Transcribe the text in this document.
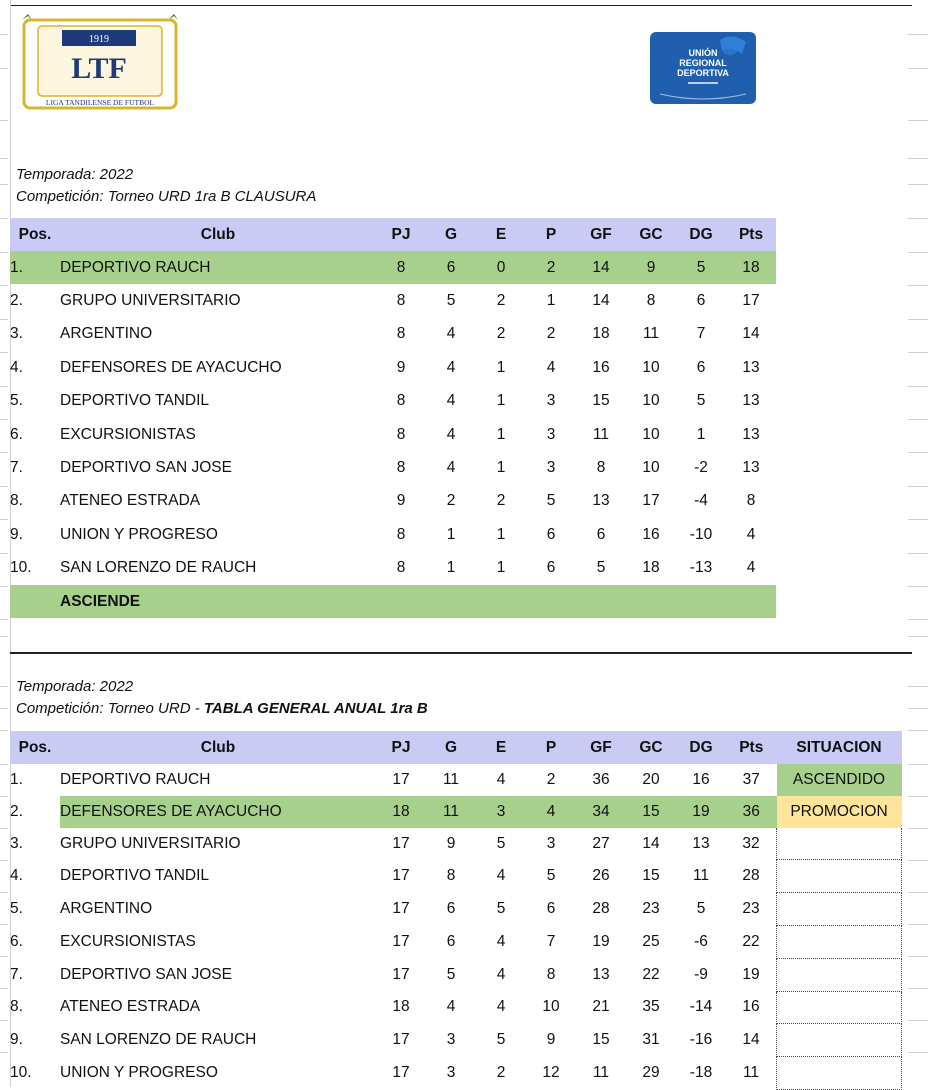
1919
LTF
LIGA TANDILENSE DE FUTBOL
UNIÓN
REGIONAL
DEPORTIVA
Temporada: 2022
Competición: Torneo URD 1ra B CLAUSURA
Pos.	Club	PJ	G	E	P	GF	GC	DG	Pts
1.	DEPORTIVO RAUCH	8	6	0	2	14	9	5	18
2.	GRUPO UNIVERSITARIO	8	5	2	1	14	8	6	17
3.	ARGENTINO	8	4	2	2	18	11	7	14
4.	DEFENSORES DE AYACUCHO	9	4	1	4	16	10	6	13
5.	DEPORTIVO TANDIL	8	4	1	3	15	10	5	13
6.	EXCURSIONISTAS	8	4	1	3	11	10	1	13
7.	DEPORTIVO SAN JOSE	8	4	1	3	8	10	-2	13
8.	ATENEO ESTRADA	9	2	2	5	13	17	-4	8
9.	UNION Y PROGRESO	8	1	1	6	6	16	-10	4
10.	SAN LORENZO DE RAUCH	8	1	1	6	5	18	-13	4
	ASCIENDE								
Temporada: 2022
Competición: Torneo URD - TABLA GENERAL ANUAL 1ra B
Pos.	Club	PJ	G	E	P	GF	GC	DG	Pts	SITUACION
1.	DEPORTIVO RAUCH	17	11	4	2	36	20	16	37	ASCENDIDO
2.	DEFENSORES DE AYACUCHO	18	11	3	4	34	15	19	36	PROMOCION
3.	GRUPO UNIVERSITARIO	17	9	5	3	27	14	13	32	
4.	DEPORTIVO TANDIL	17	8	4	5	26	15	11	28	
5.	ARGENTINO	17	6	5	6	28	23	5	23	
6.	EXCURSIONISTAS	17	6	4	7	19	25	-6	22	
7.	DEPORTIVO SAN JOSE	17	5	4	8	13	22	-9	19	
8.	ATENEO ESTRADA	18	4	4	10	21	35	-14	16	
9.	SAN LORENZO DE RAUCH	17	3	5	9	15	31	-16	14	
10.	UNION Y PROGRESO	17	3	2	12	11	29	-18	11	
